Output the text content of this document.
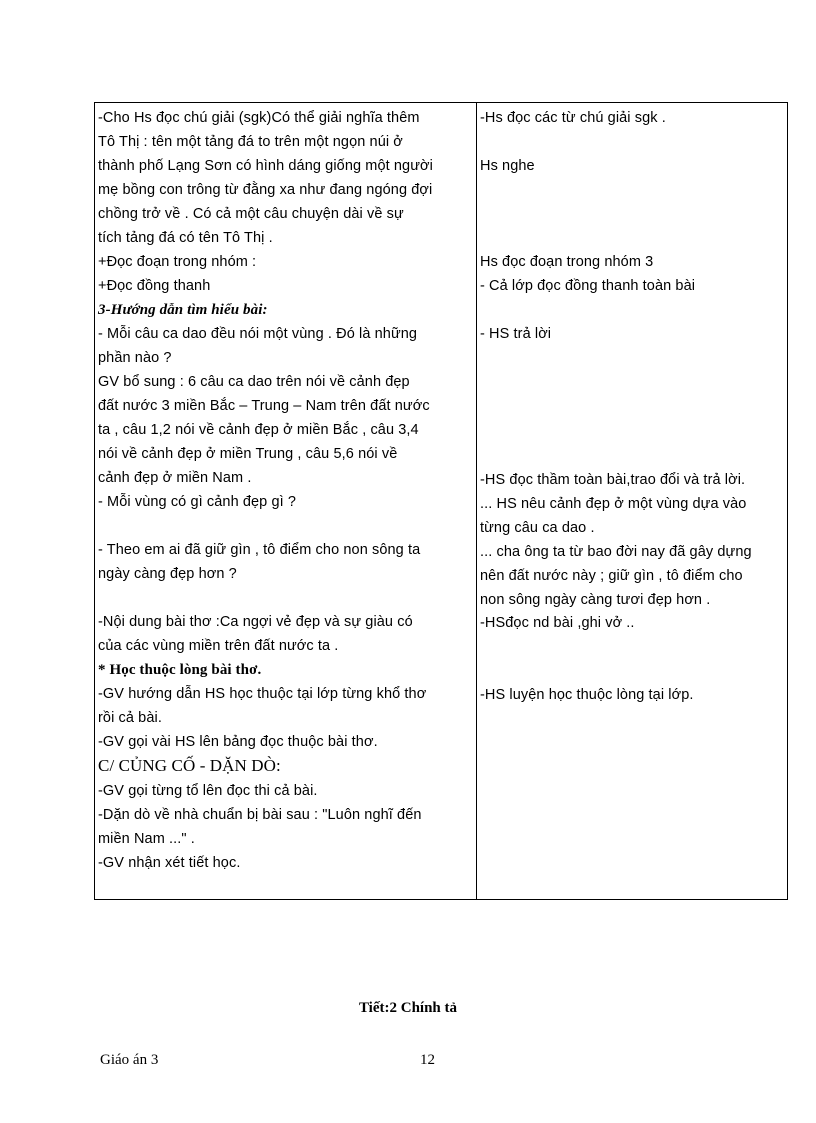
-Cho Hs đọc chú giải (sgk)Có thể giải nghĩa thêm
Tô Thị : tên một tảng đá to trên một ngọn núi ở
thành phố Lạng Sơn có hình dáng giống một người
mẹ bồng con trông từ đằng xa như đang ngóng đợi
chồng trở về . Có cả một câu chuyện dài về sự
tích tảng đá có tên Tô Thị .
+Đọc đoạn trong nhóm :
+Đọc đồng thanh
3-Hướng dẫn tìm hiểu bài:
- Mỗi câu ca dao đều nói một vùng . Đó là những
phần nào ?
GV bổ sung : 6 câu ca dao trên nói về cảnh đẹp
đất nước 3 miền Bắc – Trung – Nam trên đất nước
ta , câu 1,2 nói về cảnh đẹp ở miền Bắc , câu 3,4
nói về cảnh đẹp ở miền Trung , câu 5,6 nói về
cảnh đẹp ở miền Nam .
- Mỗi vùng có gì cảnh đẹp gì ?
- Theo em ai đã giữ gìn , tô điểm cho non sông ta
ngày càng đẹp hơn ?
-Nội dung bài thơ :Ca ngợi vẻ đẹp và sự giàu có
của các vùng miền trên đất nước ta .
* Học thuộc lòng bài thơ.
-GV hướng dẫn HS học thuộc tại lớp từng khổ thơ
rồi cả bài.
-GV gọi vài HS lên bảng đọc thuộc bài thơ.
C/ CỦNG CỐ - DẶN DÒ:
-GV gọi từng tổ lên đọc thi cả bài.
-Dặn dò về nhà chuẩn bị bài sau : "Luôn nghĩ đến
miền Nam ..." .
-GV nhận xét tiết học.
-Hs đọc các từ chú giải sgk .
Hs nghe
Hs đọc đoạn trong nhóm 3
- Cả lớp đọc đồng thanh toàn bài
- HS trả lời
-HS đọc thầm toàn bài,trao đổi và trả lời.
... HS nêu cảnh đẹp ở một vùng dựa vào
từng câu ca dao .
... cha ông ta từ bao đời nay đã gây dựng
nên đất nước này ; giữ gìn , tô điểm cho
non sông ngày càng tươi đẹp hơn .
-HSđọc nd bài ,ghi vở ..
-HS luyện học thuộc lòng tại lớp.
Tiết:2 Chính tả
Giáo án 3	12
